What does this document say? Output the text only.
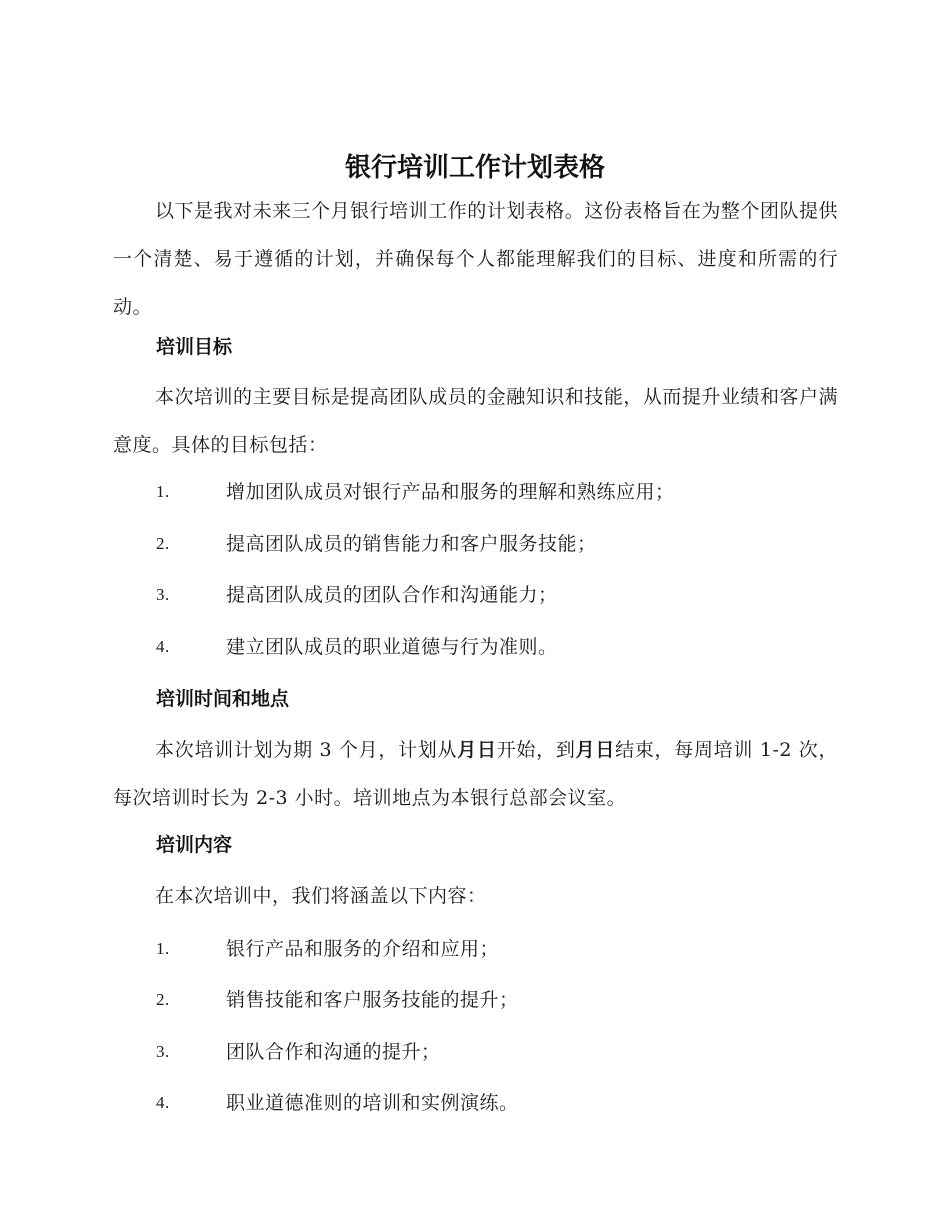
银行培训工作计划表格
以下是我对未来三个月银行培训工作的计划表格。这份表格旨在为整个团队提供一个清楚、易于遵循的计划，并确保每个人都能理解我们的目标、进度和所需的行动。
培训目标
本次培训的主要目标是提高团队成员的金融知识和技能，从而提升业绩和客户满意度。具体的目标包括：
1.	增加团队成员对银行产品和服务的理解和熟练应用；
2.	提高团队成员的销售能力和客户服务技能；
3.	提高团队成员的团队合作和沟通能力；
4.	建立团队成员的职业道德与行为准则。
培训时间和地点
本次培训计划为期 3 个月，计划从月日开始，到月日结束，每周培训 1-2 次，每次培训时长为 2-3 小时。培训地点为本银行总部会议室。
培训内容
在本次培训中，我们将涵盖以下内容：
1.	银行产品和服务的介绍和应用；
2.	销售技能和客户服务技能的提升；
3.	团队合作和沟通的提升；
4.	职业道德准则的培训和实例演练。
